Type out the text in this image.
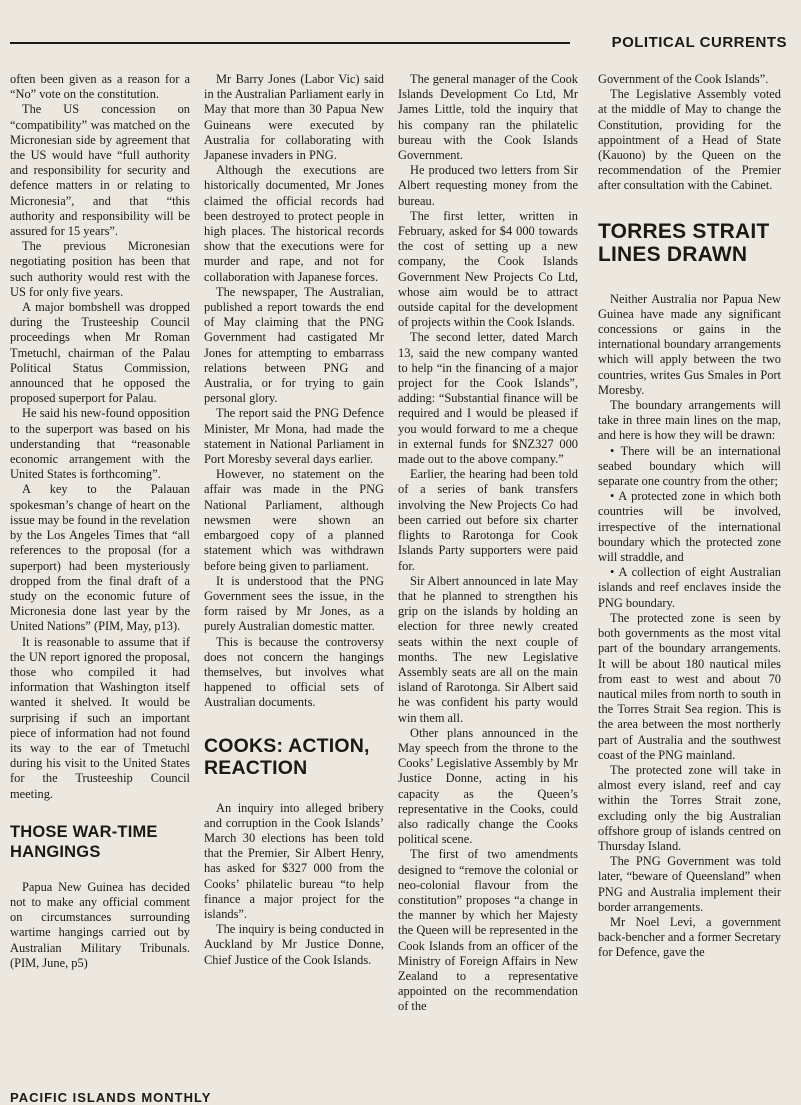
POLITICAL CURRENTS

often been given as a reason for a “No” vote on the constitution.

The US concession on “compatibility” was matched on the Micronesian side by agreement that the US would have “full authority and responsibility for security and defence matters in or relating to Micronesia”, and that “this authority and responsibility will be assured for 15 years”.

The previous Micronesian negotiating position has been that such authority would rest with the US for only five years.

A major bombshell was dropped during the Trusteeship Council proceedings when Mr Roman Tmetuchl, chairman of the Palau Political Status Commission, announced that he opposed the proposed superport for Palau.

He said his new-found opposition to the superport was based on his understanding that “reasonable economic arrangement with the United States is forthcoming”.

A key to the Palauan spokesman’s change of heart on the issue may be found in the revelation by the Los Angeles Times that “all references to the proposal (for a superport) had been mysteriously dropped from the final draft of a study on the economic future of Micronesia done last year by the United Nations” (PIM, May, p13).

It is reasonable to assume that if the UN report ignored the proposal, those who compiled it had information that Washington itself wanted it shelved. It would be surprising if such an important piece of information had not found its way to the ear of Tmetuchl during his visit to the United States for the Trusteeship Council meeting.

THOSE WAR-TIME HANGINGS

Papua New Guinea has decided not to make any official comment on circumstances surrounding wartime hangings carried out by Australian Military Tribunals. (PIM, June, p5)

Mr Barry Jones (Labor Vic) said in the Australian Parliament early in May that more than 30 Papua New Guineans were executed by Australia for collaborating with Japanese invaders in PNG.

Although the executions are historically documented, Mr Jones claimed the official records had been destroyed to protect people in high places. The historical records show that the executions were for murder and rape, and not for collaboration with Japanese forces.

The newspaper, The Australian, published a report towards the end of May claiming that the PNG Government had castigated Mr Jones for attempting to embarrass relations between PNG and Australia, or for trying to gain personal glory.

The report said the PNG Defence Minister, Mr Mona, had made the statement in National Parliament in Port Moresby several days earlier.

However, no statement on the affair was made in the PNG National Parliament, although newsmen were shown an embargoed copy of a planned statement which was withdrawn before being given to parliament.

It is understood that the PNG Government sees the issue, in the form raised by Mr Jones, as a purely Australian domestic matter.

This is because the controversy does not concern the hangings themselves, but involves what happened to official sets of Australian documents.

COOKS: ACTION, REACTION

An inquiry into alleged bribery and corruption in the Cook Islands’ March 30 elections has been told that the Premier, Sir Albert Henry, has asked for $327 000 from the Cooks’ philatelic bureau “to help finance a major project for the islands”.

The inquiry is being conducted in Auckland by Mr Justice Donne, Chief Justice of the Cook Islands.

The general manager of the Cook Islands Development Co Ltd, Mr James Little, told the inquiry that his company ran the philatelic bureau with the Cook Islands Government.

He produced two letters from Sir Albert requesting money from the bureau.

The first letter, written in February, asked for $4 000 towards the cost of setting up a new company, the Cook Islands Government New Projects Co Ltd, whose aim would be to attract outside capital for the development of projects within the Cook Islands.

The second letter, dated March 13, said the new company wanted to help “in the financing of a major project for the Cook Islands”, adding: “Substantial finance will be required and I would be pleased if you would forward to me a cheque in external funds for $NZ327 000 made out to the above company.”

Earlier, the hearing had been told of a series of bank transfers involving the New Projects Co had been carried out before six charter flights to Rarotonga for Cook Islands Party supporters were paid for.

Sir Albert announced in late May that he planned to strengthen his grip on the islands by holding an election for three newly created seats within the next couple of months. The new Legislative Assembly seats are all on the main island of Rarotonga. Sir Albert said he was confident his party would win them all.

Other plans announced in the May speech from the throne to the Cooks’ Legislative Assembly by Mr Justice Donne, acting in his capacity as the Queen’s representative in the Cooks, could also radically change the Cooks political scene.

The first of two amendments designed to “remove the colonial or neo-colonial flavour from the constitution” proposes “a change in the manner by which her Majesty the Queen will be represented in the Cook Islands from an officer of the Ministry of Foreign Affairs in New Zealand to a representative appointed on the recommendation of the

Government of the Cook Islands”.

The Legislative Assembly voted at the middle of May to change the Constitution, providing for the appointment of a Head of State (Kauono) by the Queen on the recommendation of the Premier after consultation with the Cabinet.

TORRES STRAIT LINES DRAWN

Neither Australia nor Papua New Guinea have made any significant concessions or gains in the international boundary arrangements which will apply between the two countries, writes Gus Smales in Port Moresby.

The boundary arrangements will take in three main lines on the map, and here is how they will be drawn:

• There will be an international seabed boundary which will separate one country from the other;

• A protected zone in which both countries will be involved, irrespective of the international boundary which the protected zone will straddle, and

• A collection of eight Australian islands and reef enclaves inside the PNG boundary.

The protected zone is seen by both governments as the most vital part of the boundary arrangements. It will be about 180 nautical miles from east to west and about 70 nautical miles from north to south in the Torres Strait Sea region. This is the area between the most northerly part of Australia and the southwest coast of the PNG mainland.

The protected zone will take in almost every island, reef and cay within the Torres Strait zone, excluding only the big Australian offshore group of islands centred on Thursday Island.

The PNG Government was told later, “beware of Queensland” when PNG and Australia implement their border arrangements.

Mr Noel Levi, a government back-bencher and a former Secretary for Defence, gave the

PACIFIC ISLANDS MONTHLY
